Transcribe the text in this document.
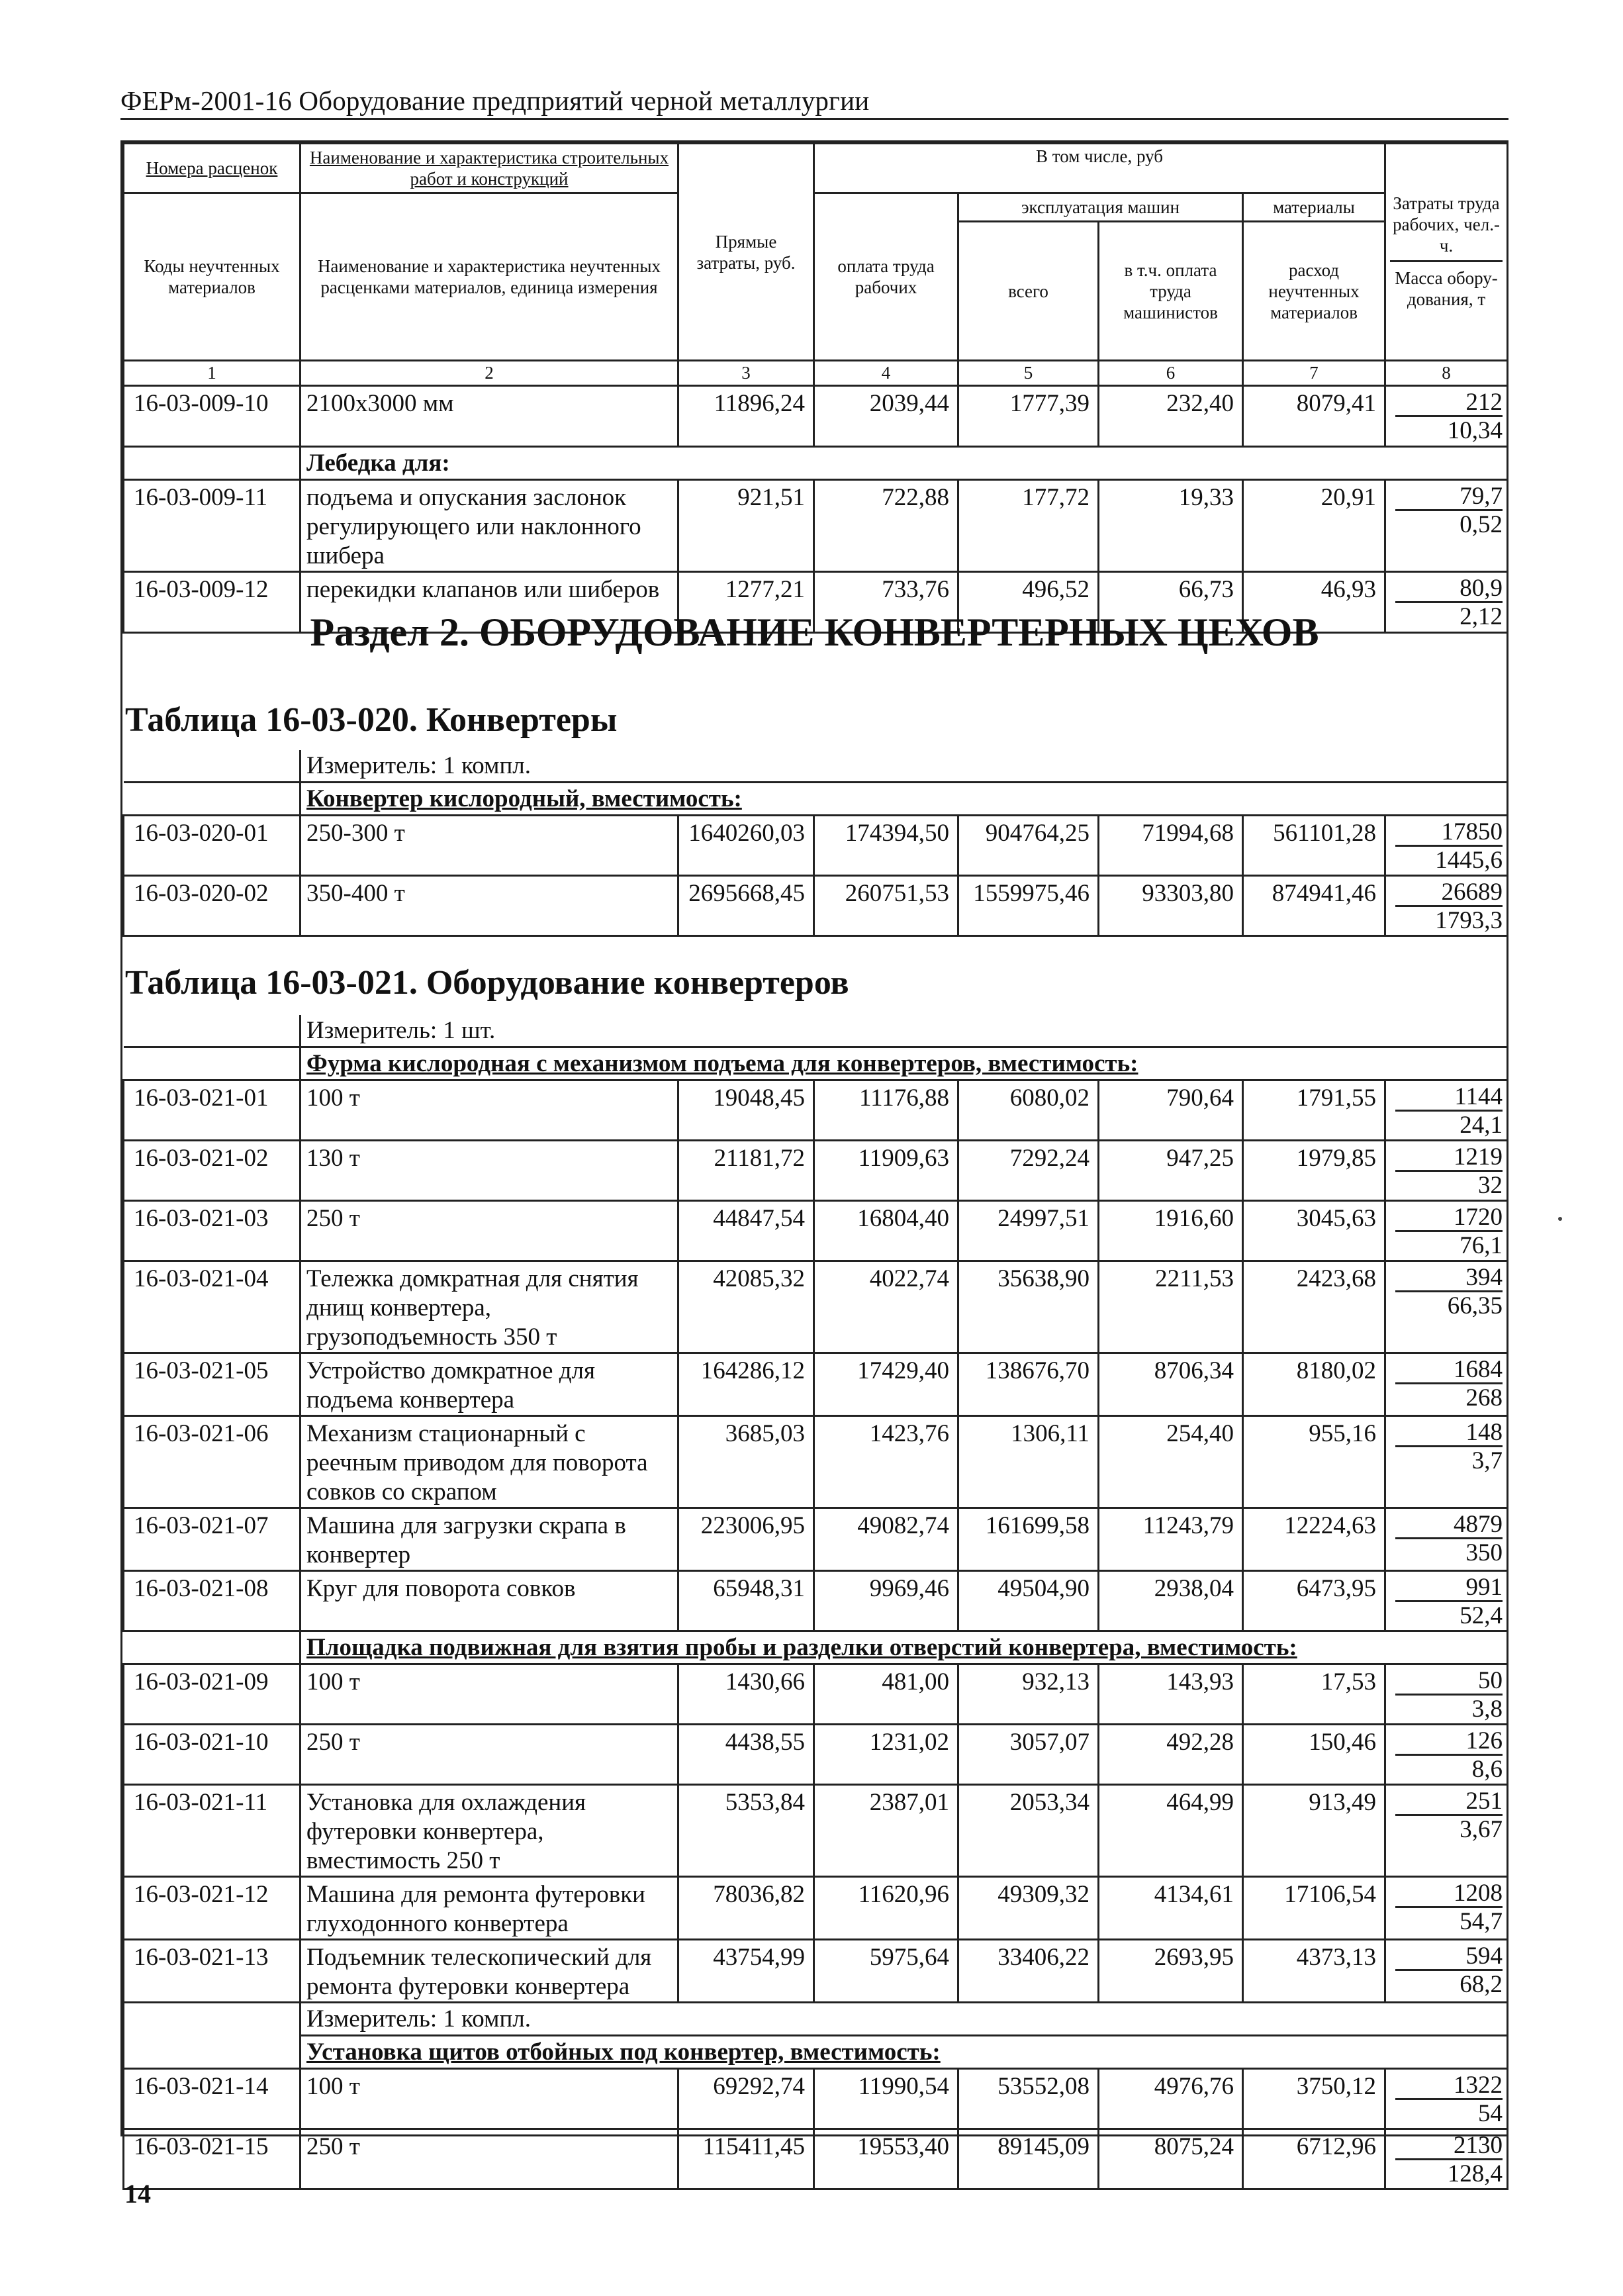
ФЕРм-2001-16 Оборудование предприятий черной металлургии
Номера расценок	Наименование и характеристика строительных работ и конструкций	Прямые затраты, руб.	В том числе, руб				Затраты труда рабочих, чел.-ч.
Масса обору-дования, т

Коды неучтенных материалов	Наименование и характеристика неучтенных расценками материалов, единица измерения		оплата труда рабочих	эксплуатация машин		материалы	
				всего	в т.ч. оплата труда машинистов	расход неучтенных материалов	
1	2	3	4	5	6	7	8
16-03-009-10	2100х3000 мм	11896,24	2039,44	1777,39	232,40	8079,41	212
10,34

	Лебедка для:						
16-03-009-11	подъема и опускания заслонок регулирующего или наклонного шибера	921,51	722,88	177,72	19,33	20,91	79,7
0,52

16-03-009-12	перекидки клапанов или шиберов	1277,21	733,76	496,52	66,73	46,93	80,9
2,12
Раздел 2. ОБОРУДОВАНИЕ КОНВЕРТЕРНЫХ ЦЕХОВ
Таблица 16-03-020. Конвертеры
	Измеритель: 1 компл.						
	Конвертер кислородный, вместимость:						
16-03-020-01	250-300 т	1640260,03	174394,50	904764,25	71994,68	561101,28	17850
1445,6

16-03-020-02	350-400 т	2695668,45	260751,53	1559975,46	93303,80	874941,46	26689
1793,3
Таблица 16-03-021. Оборудование конвертеров
	Измеритель: 1 шт.						
	Фурма кислородная с механизмом подъема для конвертеров, вместимость:						
16-03-021-01	100 т	19048,45	11176,88	6080,02	790,64	1791,55	1144
24,1

16-03-021-02	130 т	21181,72	11909,63	7292,24	947,25	1979,85	1219
32

16-03-021-03	250 т	44847,54	16804,40	24997,51	1916,60	3045,63	1720
76,1

16-03-021-04	Тележка домкратная для снятия днищ конвертера, грузоподъемность 350 т	42085,32	4022,74	35638,90	2211,53	2423,68	394
66,35

16-03-021-05	Устройство домкратное для подъема конвертера	164286,12	17429,40	138676,70	8706,34	8180,02	1684
268

16-03-021-06	Механизм стационарный с реечным приводом для поворота совков со скрапом	3685,03	1423,76	1306,11	254,40	955,16	148
3,7

16-03-021-07	Машина для загрузки скрапа в конвертер	223006,95	49082,74	161699,58	11243,79	12224,63	4879
350

16-03-021-08	Круг для поворота совков	65948,31	9969,46	49504,90	2938,04	6473,95	991
52,4

	Площадка подвижная для взятия пробы и разделки отверстий конвертера, вместимость:						
16-03-021-09	100 т	1430,66	481,00	932,13	143,93	17,53	50
3,8

16-03-021-10	250 т	4438,55	1231,02	3057,07	492,28	150,46	126
8,6

16-03-021-11	Установка для охлаждения футеровки конвертера, вместимость 250 т	5353,84	2387,01	2053,34	464,99	913,49	251
3,67

16-03-021-12	Машина для ремонта футеровки глуходонного конвертера	78036,82	11620,96	49309,32	4134,61	17106,54	1208
54,7

16-03-021-13	Подъемник телескопический для ремонта футеровки конвертера	43754,99	5975,64	33406,22	2693,95	4373,13	594
68,2

	Измеритель: 1 компл.						
	Установка щитов отбойных под конвертер, вместимость:						
16-03-021-14	100 т	69292,74	11990,54	53552,08	4976,76	3750,12	1322
54

16-03-021-15	250 т	115411,45	19553,40	89145,09	8075,24	6712,96	2130
128,4
14
